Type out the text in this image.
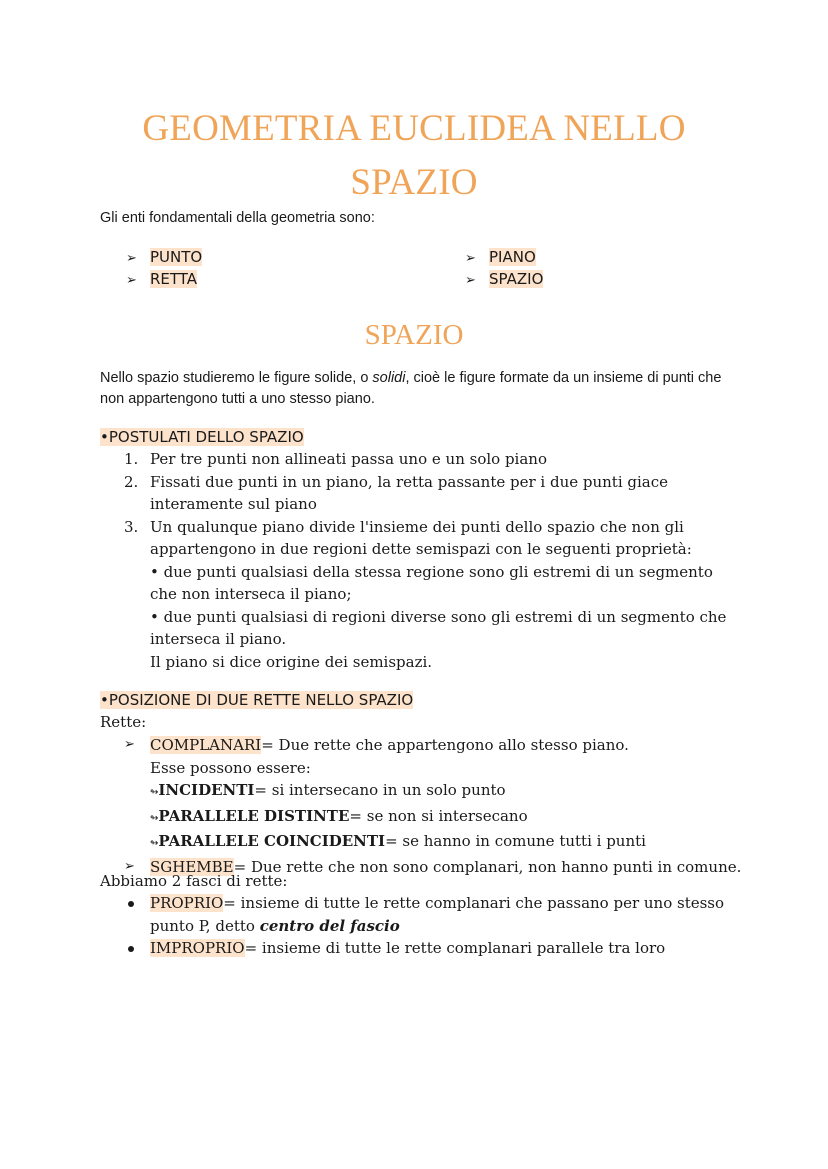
GEOMETRIA EUCLIDEA NELLO
SPAZIO
Gli enti fondamentali della geometria sono:
➢ PUNTO
➢ RETTA
➢ PIANO
➢ SPAZIO
SPAZIO
Nello spazio studieremo le figure solide, o solidi, cioè le figure formate da un insieme di punti che non appartengono tutti a uno stesso piano.
•POSTULATI DELLO SPAZIO
1. Per tre punti non allineati passa uno e un solo piano
2. Fissati due punti in un piano, la retta passante per i due punti giace interamente sul piano
3. Un qualunque piano divide l'insieme dei punti dello spazio che non gli appartengono in due regioni dette semispazi con le seguenti proprietà:
• due punti qualsiasi della stessa regione sono gli estremi di un segmento che non interseca il piano;
• due punti qualsiasi di regioni diverse sono gli estremi di un segmento che interseca il piano.
Il piano si dice origine dei semispazi.
•POSIZIONE DI DUE RETTE NELLO SPAZIO
Rette:
➢ COMPLANARI= Due rette che appartengono allo stesso piano.
Esse possono essere:
↬INCIDENTI= si intersecano in un solo punto
↬PARALLELE DISTINTE= se non si intersecano
↬PARALLELE COINCIDENTI= se hanno in comune tutti i punti
➢ SGHEMBE= Due rette che non sono complanari, non hanno punti in comune.
Abbiamo 2 fasci di rette:
PROPRIO= insieme di tutte le rette complanari che passano per uno stesso punto P, detto centro del fascio
IMPROPRIO= insieme di tutte le rette complanari parallele tra loro
